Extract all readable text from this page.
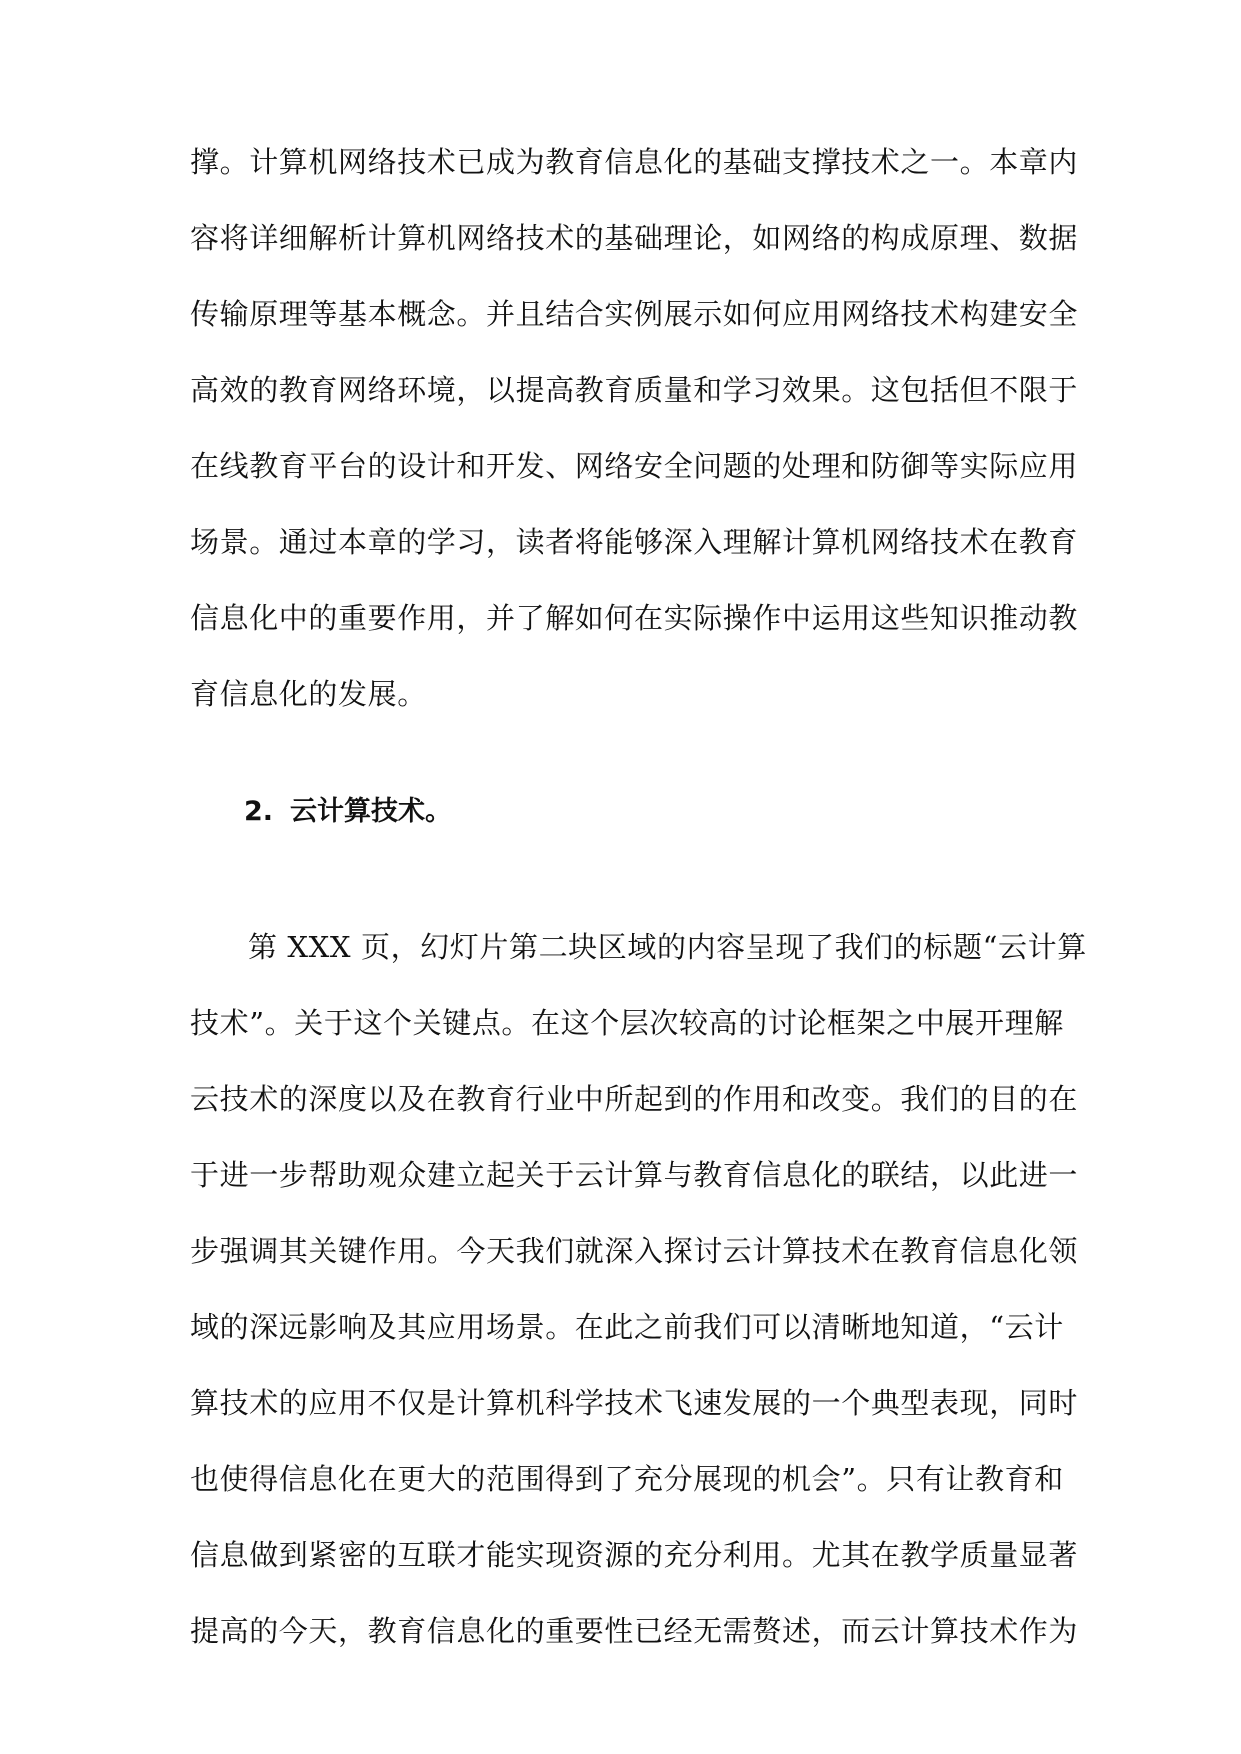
撑。计算机网络技术已成为教育信息化的基础支撑技术之一。本章内
容将详细解析计算机网络技术的基础理论，如网络的构成原理、数据
传输原理等基本概念。并且结合实例展示如何应用网络技术构建安全
高效的教育网络环境，以提高教育质量和学习效果。这包括但不限于
在线教育平台的设计和开发、网络安全问题的处理和防御等实际应用
场景。通过本章的学习，读者将能够深入理解计算机网络技术在教育
信息化中的重要作用，并了解如何在实际操作中运用这些知识推动教
育信息化的发展。
2. 云计算技术。
第 XXX 页，幻灯片第二块区域的内容呈现了我们的标题“云计算
技术”。关于这个关键点。在这个层次较高的讨论框架之中展开理解
云技术的深度以及在教育行业中所起到的作用和改变。我们的目的在
于进一步帮助观众建立起关于云计算与教育信息化的联结，以此进一
步强调其关键作用。今天我们就深入探讨云计算技术在教育信息化领
域的深远影响及其应用场景。在此之前我们可以清晰地知道，“云计
算技术的应用不仅是计算机科学技术飞速发展的一个典型表现，同时
也使得信息化在更大的范围得到了充分展现的机会”。只有让教育和
信息做到紧密的互联才能实现资源的充分利用。尤其在教学质量显著
提高的今天，教育信息化的重要性已经无需赘述，而云计算技术作为
